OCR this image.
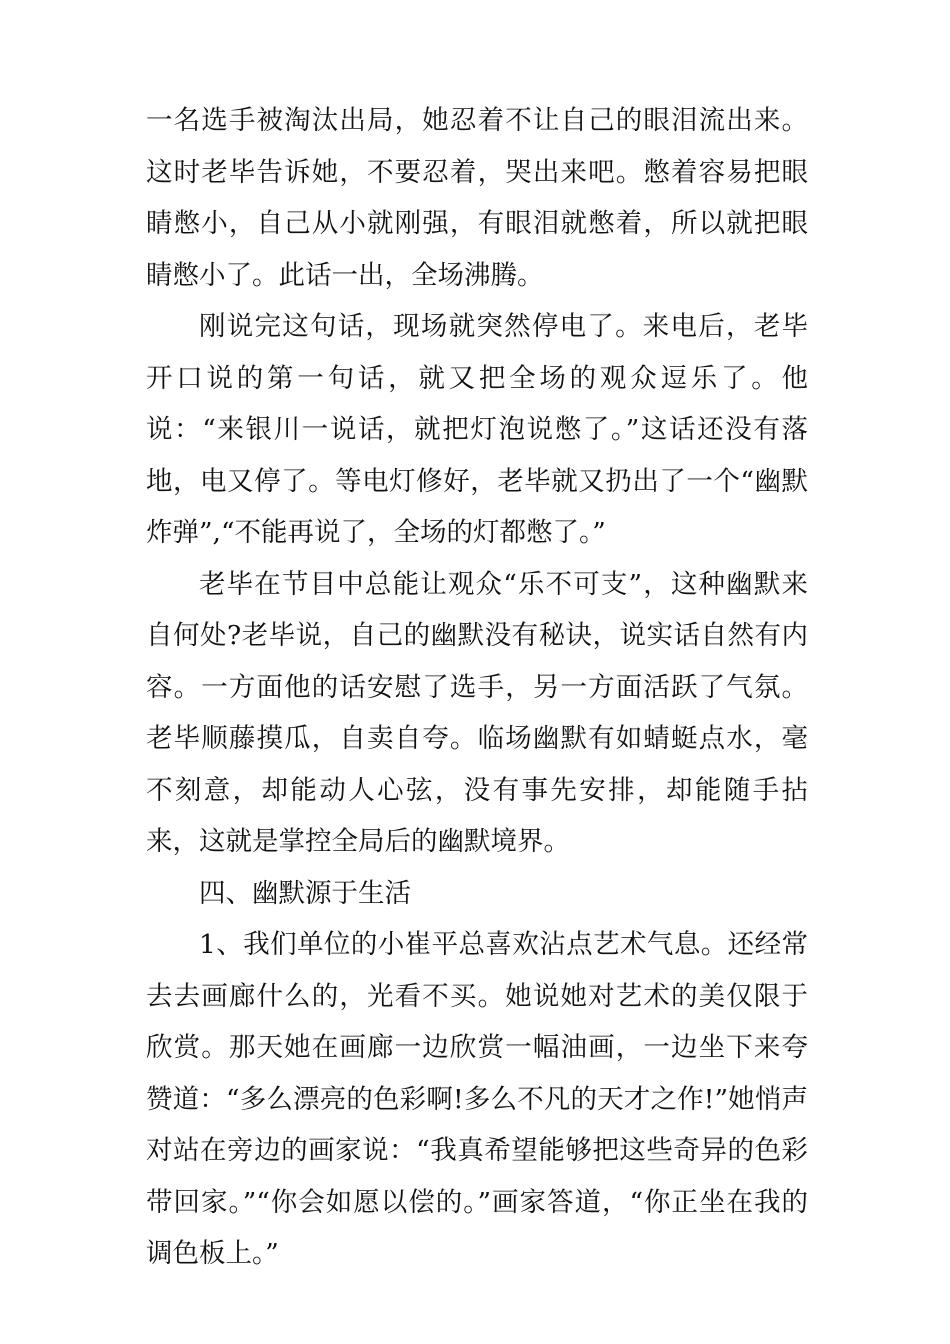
一名选手被淘汰出局，她忍着不让自己的眼泪流出来。这时老毕告诉她，不要忍着，哭出来吧。憋着容易把眼睛憋小，自己从小就刚强，有眼泪就憋着，所以就把眼睛憋小了。此话一出，全场沸腾。

刚说完这句话，现场就突然停电了。来电后，老毕开口说的第一句话，就又把全场的观众逗乐了。他说：“来银川一说话，就把灯泡说憋了。”这话还没有落地，电又停了。等电灯修好，老毕就又扔出了一个“幽默炸弹”,“不能再说了，全场的灯都憋了。”

老毕在节目中总能让观众“乐不可支”，这种幽默来自何处?老毕说，自己的幽默没有秘诀，说实话自然有内容。一方面他的话安慰了选手，另一方面活跃了气氛。老毕顺藤摸瓜，自卖自夸。临场幽默有如蜻蜓点水，毫不刻意，却能动人心弦，没有事先安排，却能随手拈来，这就是掌控全局后的幽默境界。

四、幽默源于生活

1、我们单位的小崔平总喜欢沾点艺术气息。还经常去去画廊什么的，光看不买。她说她对艺术的美仅限于欣赏。那天她在画廊一边欣赏一幅油画，一边坐下来夸赞道：“多么漂亮的色彩啊!多么不凡的天才之作!”她悄声对站在旁边的画家说：“我真希望能够把这些奇异的色彩带回家。”“你会如愿以偿的。”画家答道，“你正坐在我的调色板上。”
